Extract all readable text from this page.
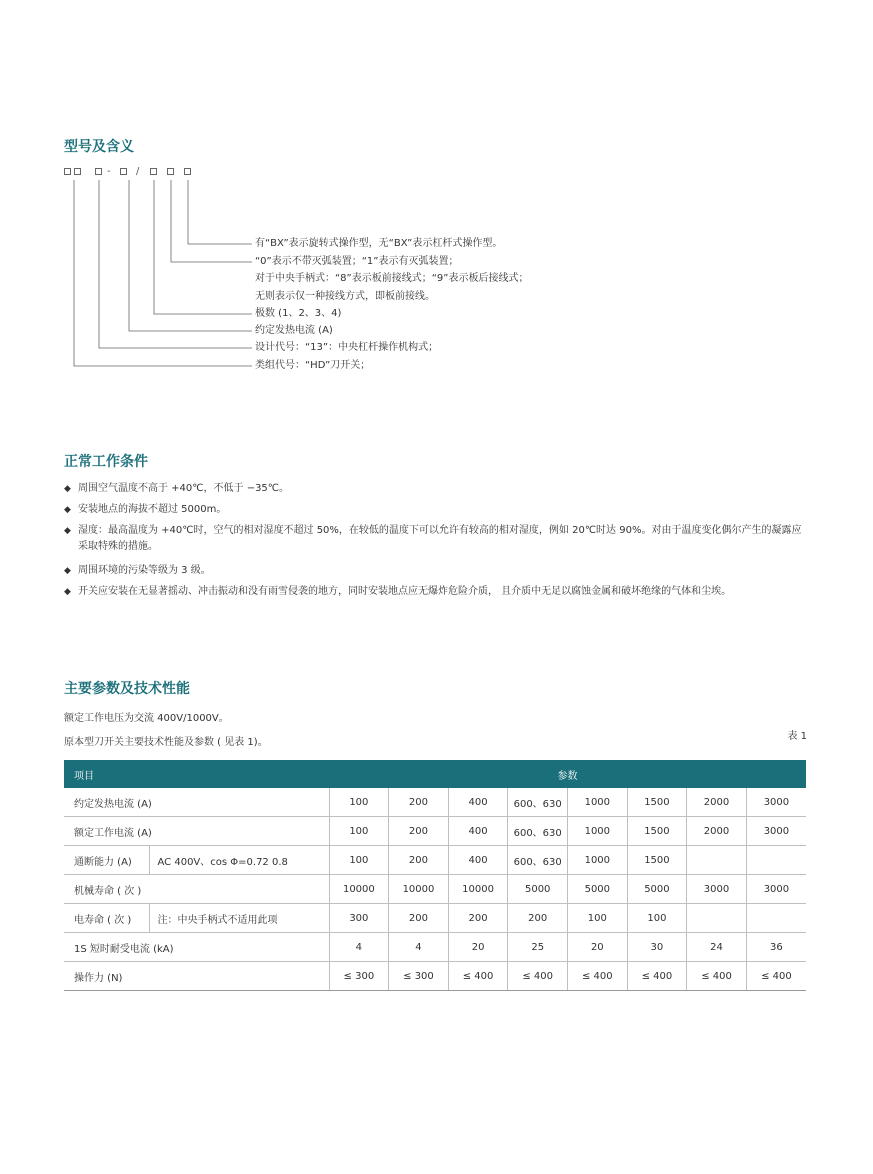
型号及含义
-	/
有“BX”表示旋转式操作型，无“BX”表示杠杆式操作型。
“0”表示不带灭弧装置；“1”表示有灭弧装置；
对于中央手柄式：“8”表示板前接线式；“9”表示板后接线式；
无则表示仅一种接线方式，即板前接线。
极数 (1、2、3、4)
约定发热电流 (A)
设计代号：“13”：中央杠杆操作机构式；
类组代号：“HD”刀开关；
正常工作条件
◆ 周围空气温度不高于 +40℃，不低于 −35℃。
◆ 安装地点的海拔不超过 5000m。
◆ 湿度：最高温度为 +40℃时，空气的相对湿度不超过 50%，在较低的温度下可以允许有较高的相对湿度，例如 20℃时达 90%。对由于温度变化偶尔产生的凝露应采取特殊的措施。
◆ 周围环境的污染等级为 3 级。
◆ 开关应安装在无显著摇动、冲击振动和没有雨雪侵袭的地方，同时安装地点应无爆炸危险介质， 且介质中无足以腐蚀金属和破坏绝缘的气体和尘埃。
主要参数及技术性能
额定工作电压为交流 400V/1000V。
原本型刀开关主要技术性能及参数 ( 见表 1)。
表 1
项目		参数							
约定发热电流 (A)		100	200	400	600、630	1000	1500	2000	3000
额定工作电流 (A)		100	200	400	600、630	1000	1500	2000	3000
通断能力 (A)	AC 400V、cos Φ=0.72 0.8	100	200	400	600、630	1000	1500		
机械寿命 ( 次 )		10000	10000	10000	5000	5000	5000	3000	3000
电寿命 ( 次 )	注：中央手柄式不适用此项	300	200	200	200	100	100		
1S 短时耐受电流 (kA)		4	4	20	25	20	30	24	36
操作力 (N)		≤ 300	≤ 300	≤ 400	≤ 400	≤ 400	≤ 400	≤ 400	≤ 400
